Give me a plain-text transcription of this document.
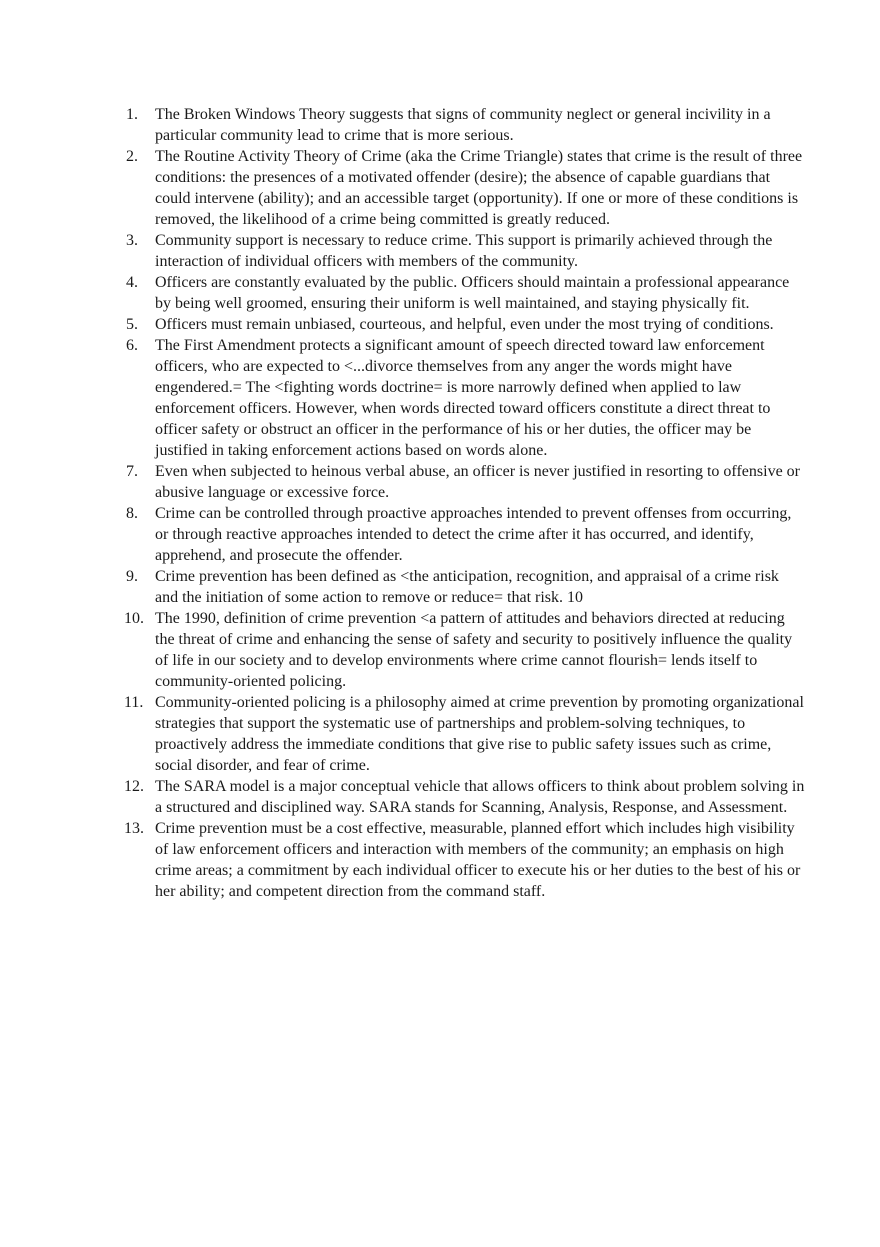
1. The Broken Windows Theory suggests that signs of community neglect or general incivility in a particular community lead to crime that is more serious.
2. The Routine Activity Theory of Crime (aka the Crime Triangle) states that crime is the result of three conditions: the presences of a motivated offender (desire); the absence of capable guardians that could intervene (ability); and an accessible target (opportunity). If one or more of these conditions is removed, the likelihood of a crime being committed is greatly reduced.
3. Community support is necessary to reduce crime. This support is primarily achieved through the interaction of individual officers with members of the community.
4. Officers are constantly evaluated by the public. Officers should maintain a professional appearance by being well groomed, ensuring their uniform is well maintained, and staying physically fit.
5. Officers must remain unbiased, courteous, and helpful, even under the most trying of conditions.
6. The First Amendment protects a significant amount of speech directed toward law enforcement officers, who are expected to <...divorce themselves from any anger the words might have engendered.= The <fighting words doctrine= is more narrowly defined when applied to law enforcement officers. However, when words directed toward officers constitute a direct threat to officer safety or obstruct an officer in the performance of his or her duties, the officer may be justified in taking enforcement actions based on words alone.
7. Even when subjected to heinous verbal abuse, an officer is never justified in resorting to offensive or abusive language or excessive force.
8. Crime can be controlled through proactive approaches intended to prevent offenses from occurring, or through reactive approaches intended to detect the crime after it has occurred, and identify, apprehend, and prosecute the offender.
9. Crime prevention has been defined as <the anticipation, recognition, and appraisal of a crime risk and the initiation of some action to remove or reduce= that risk. 10
10. The 1990, definition of crime prevention <a pattern of attitudes and behaviors directed at reducing the threat of crime and enhancing the sense of safety and security to positively influence the quality of life in our society and to develop environments where crime cannot flourish= lends itself to community-oriented policing.
11. Community-oriented policing is a philosophy aimed at crime prevention by promoting organizational strategies that support the systematic use of partnerships and problem-solving techniques, to proactively address the immediate conditions that give rise to public safety issues such as crime, social disorder, and fear of crime.
12. The SARA model is a major conceptual vehicle that allows officers to think about problem solving in a structured and disciplined way. SARA stands for Scanning, Analysis, Response, and Assessment.
13. Crime prevention must be a cost effective, measurable, planned effort which includes high visibility of law enforcement officers and interaction with members of the community; an emphasis on high crime areas; a commitment by each individual officer to execute his or her duties to the best of his or her ability; and competent direction from the command staff.
